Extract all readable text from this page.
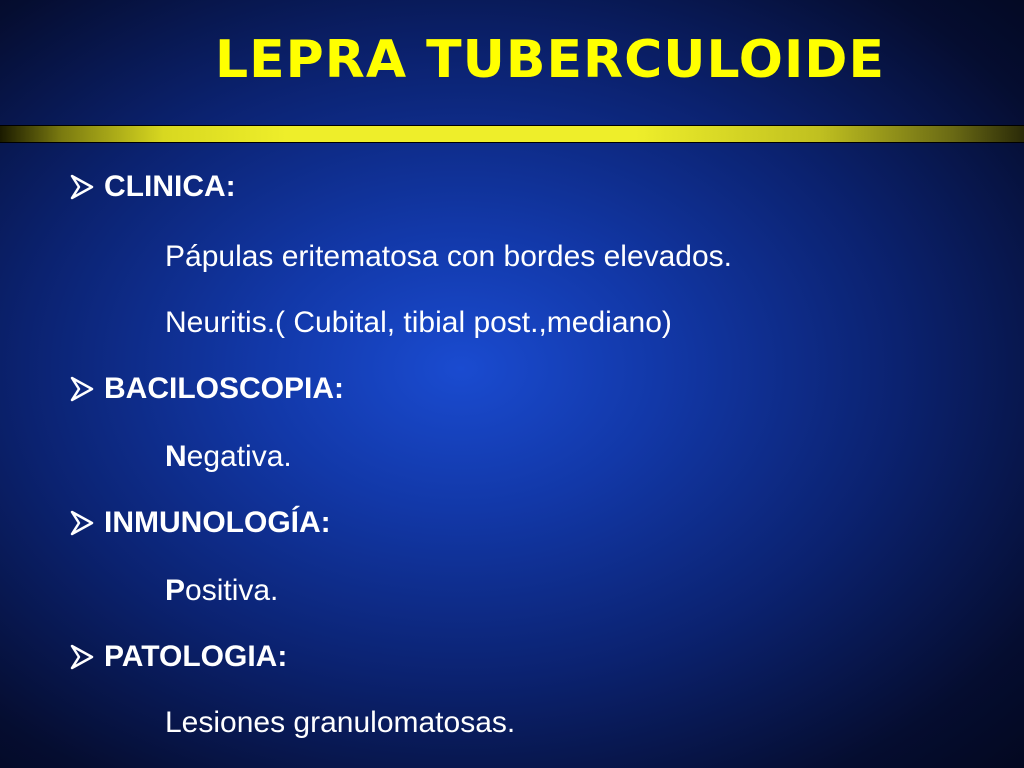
LEPRA TUBERCULOIDE
CLINICA:
Pápulas eritematosa con bordes elevados.
Neuritis.( Cubital, tibial post.,mediano)
BACILOSCOPIA:
Negativa.
INMUNOLOGÍA:
Positiva.
PATOLOGIA:
Lesiones granulomatosas.
